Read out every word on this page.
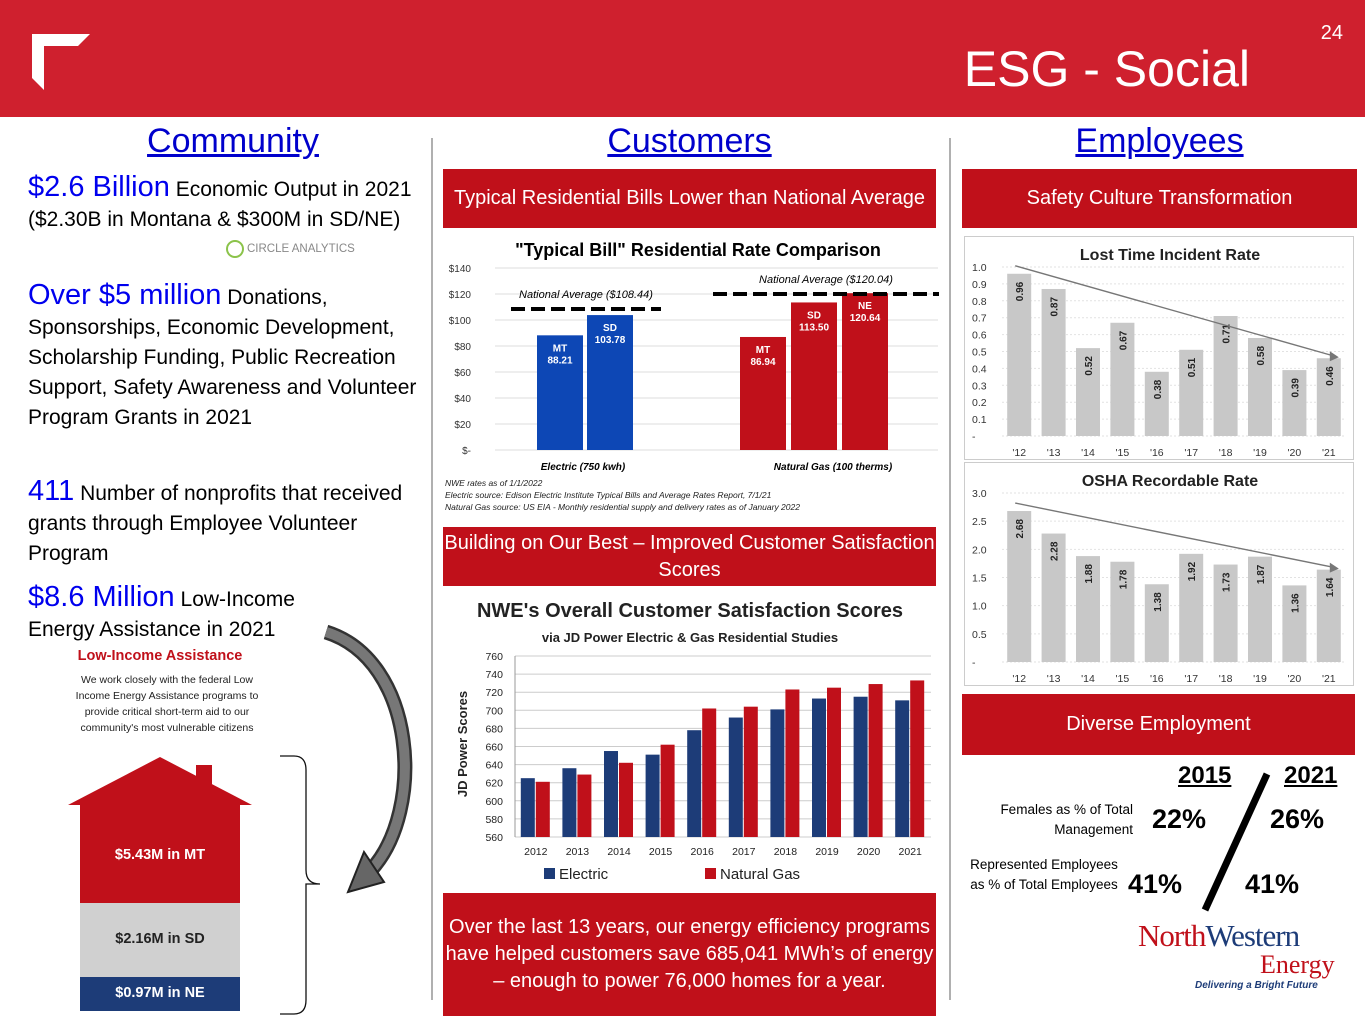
ESG - Social
24
Community	Customers	Employees
$2.6 Billion Economic Output in 2021 ($2.30B in Montana & $300M in SD/NE)
CIRCLE ANALYTICS
Over $5 million Donations, Sponsorships, Economic Development, Scholarship Funding, Public Recreation Support, Safety Awareness and Volunteer Program Grants in 2021
411 Number of nonprofits that received grants through Employee Volunteer Program
$8.6 Million Low-Income Energy Assistance in 2021
Low-Income Assistance
We work closely with the federal Low Income Energy Assistance programs to provide critical short-term aid to our community's most vulnerable citizens
$5.43M in MT
$2.16M in SD
$0.97M in NE
Typical Residential Bills Lower than National Average
"Typical Bill" Residential Rate Comparison
$-
$20
$40
$60
$80
$100
$120
$140
MT
88.21
SD
103.78
National Average ($108.44)
Electric (750 kwh)
MT
86.94
SD
113.50
NE
120.64
National Average ($120.04)
Natural Gas (100 therms)
NWE rates as of 1/1/2022
Electric source: Edison Electric Institute Typical Bills and Average Rates Report, 7/1/21
Natural Gas source: US EIA - Monthly residential supply and delivery rates as of January 2022
Building on Our Best – Improved Customer Satisfaction Scores
NWE's Overall Customer Satisfaction Scores
via JD Power Electric & Gas Residential Studies
560
580
600
620
640
660
680
700
720
740
760
JD Power Scores
2012 2013 2014 2015 2016 2017 2018 2019 2020 2021
Electric	Natural Gas
Over the last 13 years, our energy efficiency programs have helped customers save 685,041 MWh’s of energy – enough to power 76,000 homes for a year.
Safety Culture Transformation
Lost Time Incident Rate
-
0.1
0.2
0.3
0.4
0.5
0.6
0.7
0.8
0.9
1.0
0.96
'12
0.87
'13
0.52
'14
0.67
'15
0.38
'16
0.51
'17
0.71
'18
0.58
'19
0.39
'20
0.46
'21
OSHA Recordable Rate
-
0.5
1.0
1.5
2.0
2.5
3.0
2.68
'12
2.28
'13
1.88
'14
1.78
'15
1.38
'16
1.92
'17
1.73
'18
1.87
'19
1.36
'20
1.64
'21
Diverse Employment
2015 2021
Females as % of Total Management 22% 26%
Represented Employees as % of Total Employees 41% 41%
NorthWestern
Energy
Delivering a Bright Future
